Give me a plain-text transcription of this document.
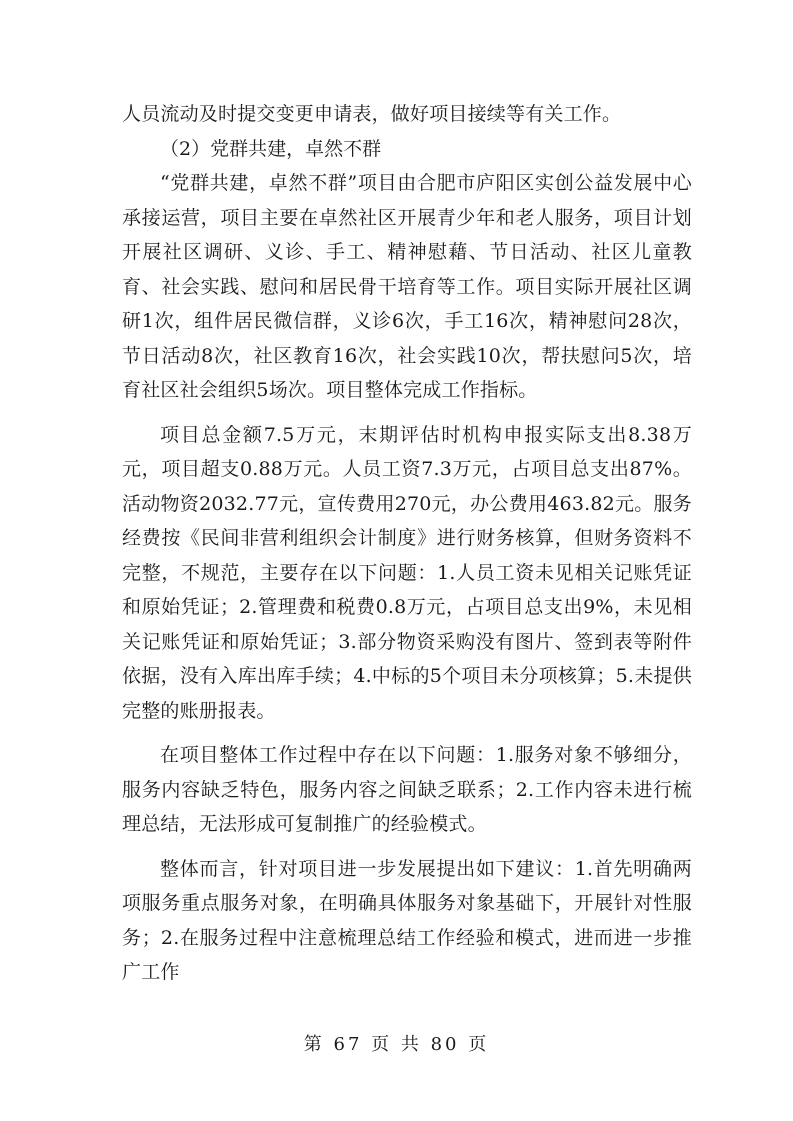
人员流动及时提交变更申请表，做好项目接续等有关工作。

（2）党群共建，卓然不群

“党群共建，卓然不群”项目由合肥市庐阳区实创公益发展中心承接运营，项目主要在卓然社区开展青少年和老人服务，项目计划开展社区调研、义诊、手工、精神慰藉、节日活动、社区儿童教育、社会实践、慰问和居民骨干培育等工作。项目实际开展社区调研1次，组件居民微信群，义诊6次，手工16次，精神慰问28次，节日活动8次，社区教育16次，社会实践10次，帮扶慰问5次，培育社区社会组织5场次。项目整体完成工作指标。

项目总金额7.5万元，末期评估时机构申报实际支出8.38万元，项目超支0.88万元。人员工资7.3万元，占项目总支出87%。活动物资2032.77元，宣传费用270元，办公费用463.82元。服务经费按《民间非营利组织会计制度》进行财务核算，但财务资料不完整，不规范，主要存在以下问题：1.人员工资未见相关记账凭证和原始凭证；2.管理费和税费0.8万元，占项目总支出9%，未见相关记账凭证和原始凭证；3.部分物资采购没有图片、签到表等附件依据，没有入库出库手续；4.中标的5个项目未分项核算；5.未提供完整的账册报表。

在项目整体工作过程中存在以下问题：1.服务对象不够细分，服务内容缺乏特色，服务内容之间缺乏联系；2.工作内容未进行梳理总结，无法形成可复制推广的经验模式。

整体而言，针对项目进一步发展提出如下建议：1.首先明确两项服务重点服务对象，在明确具体服务对象基础下，开展针对性服务；2.在服务过程中注意梳理总结工作经验和模式，进而进一步推广工作

第 67 页 共 80 页
